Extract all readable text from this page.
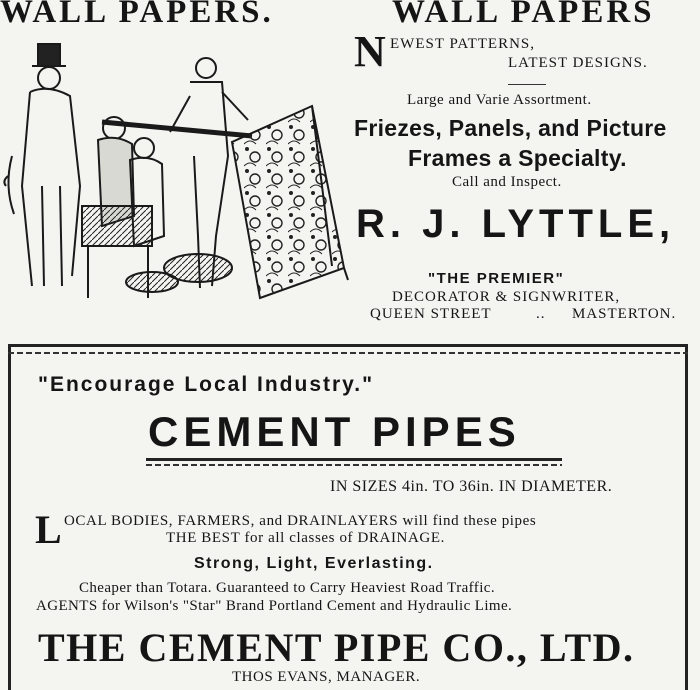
WALL PAPERS.	WALL PAPERS
N EWEST PATTERNS,
LATEST DESIGNS.
Large and Varie Assortment.
Friezes, Panels, and Picture
Frames a Specialty.
Call and Inspect.
R. J. LYTTLE,
"THE PREMIER"
DECORATOR & SIGNWRITER,
QUEEN STREET	.. MASTERTON.
"Encourage Local Industry."
CEMENT PIPES
IN SIZES 4in. TO 36in. IN DIAMETER.
L OCAL BODIES, FARMERS, and DRAINLAYERS will find these pipes
THE BEST for all classes of DRAINAGE.
Strong, Light, Everlasting.
Cheaper than Totara. Guaranteed to Carry Heaviest Road Traffic.
AGENTS for Wilson's "Star" Brand Portland Cement and Hydraulic Lime.
THE CEMENT PIPE CO., LTD.
THOS EVANS, MANAGER.
